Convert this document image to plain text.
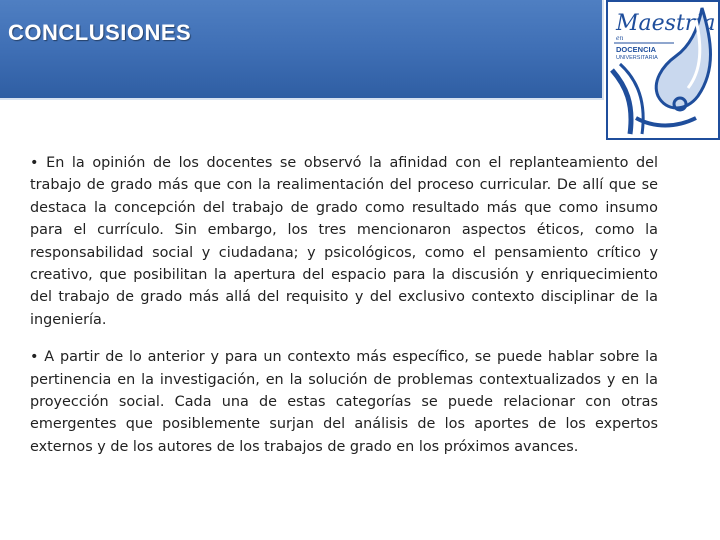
CONCLUSIONES	Maestria
en
DOCENCIA
UNIVERSITARIA

• En la opinión de los docentes se observó la afinidad con el replanteamiento del trabajo de grado más que con la realimentación del proceso curricular. De allí que se destaca la concepción del trabajo de grado como resultado más que como insumo para el currículo. Sin embargo, los tres mencionaron aspectos éticos, como la responsabilidad social y ciudadana; y psicológicos, como el pensamiento crítico y creativo, que posibilitan la apertura del espacio para la discusión y enriquecimiento del trabajo de grado más allá del requisito y del exclusivo contexto disciplinar de la ingeniería.

• A partir de lo anterior y para un contexto más específico, se puede hablar sobre la pertinencia en la investigación, en la solución de problemas contextualizados y en la proyección social. Cada una de estas categorías se puede relacionar con otras emergentes que posiblemente surjan del análisis de los aportes de los expertos externos y de los autores de los trabajos de grado en los próximos avances.
